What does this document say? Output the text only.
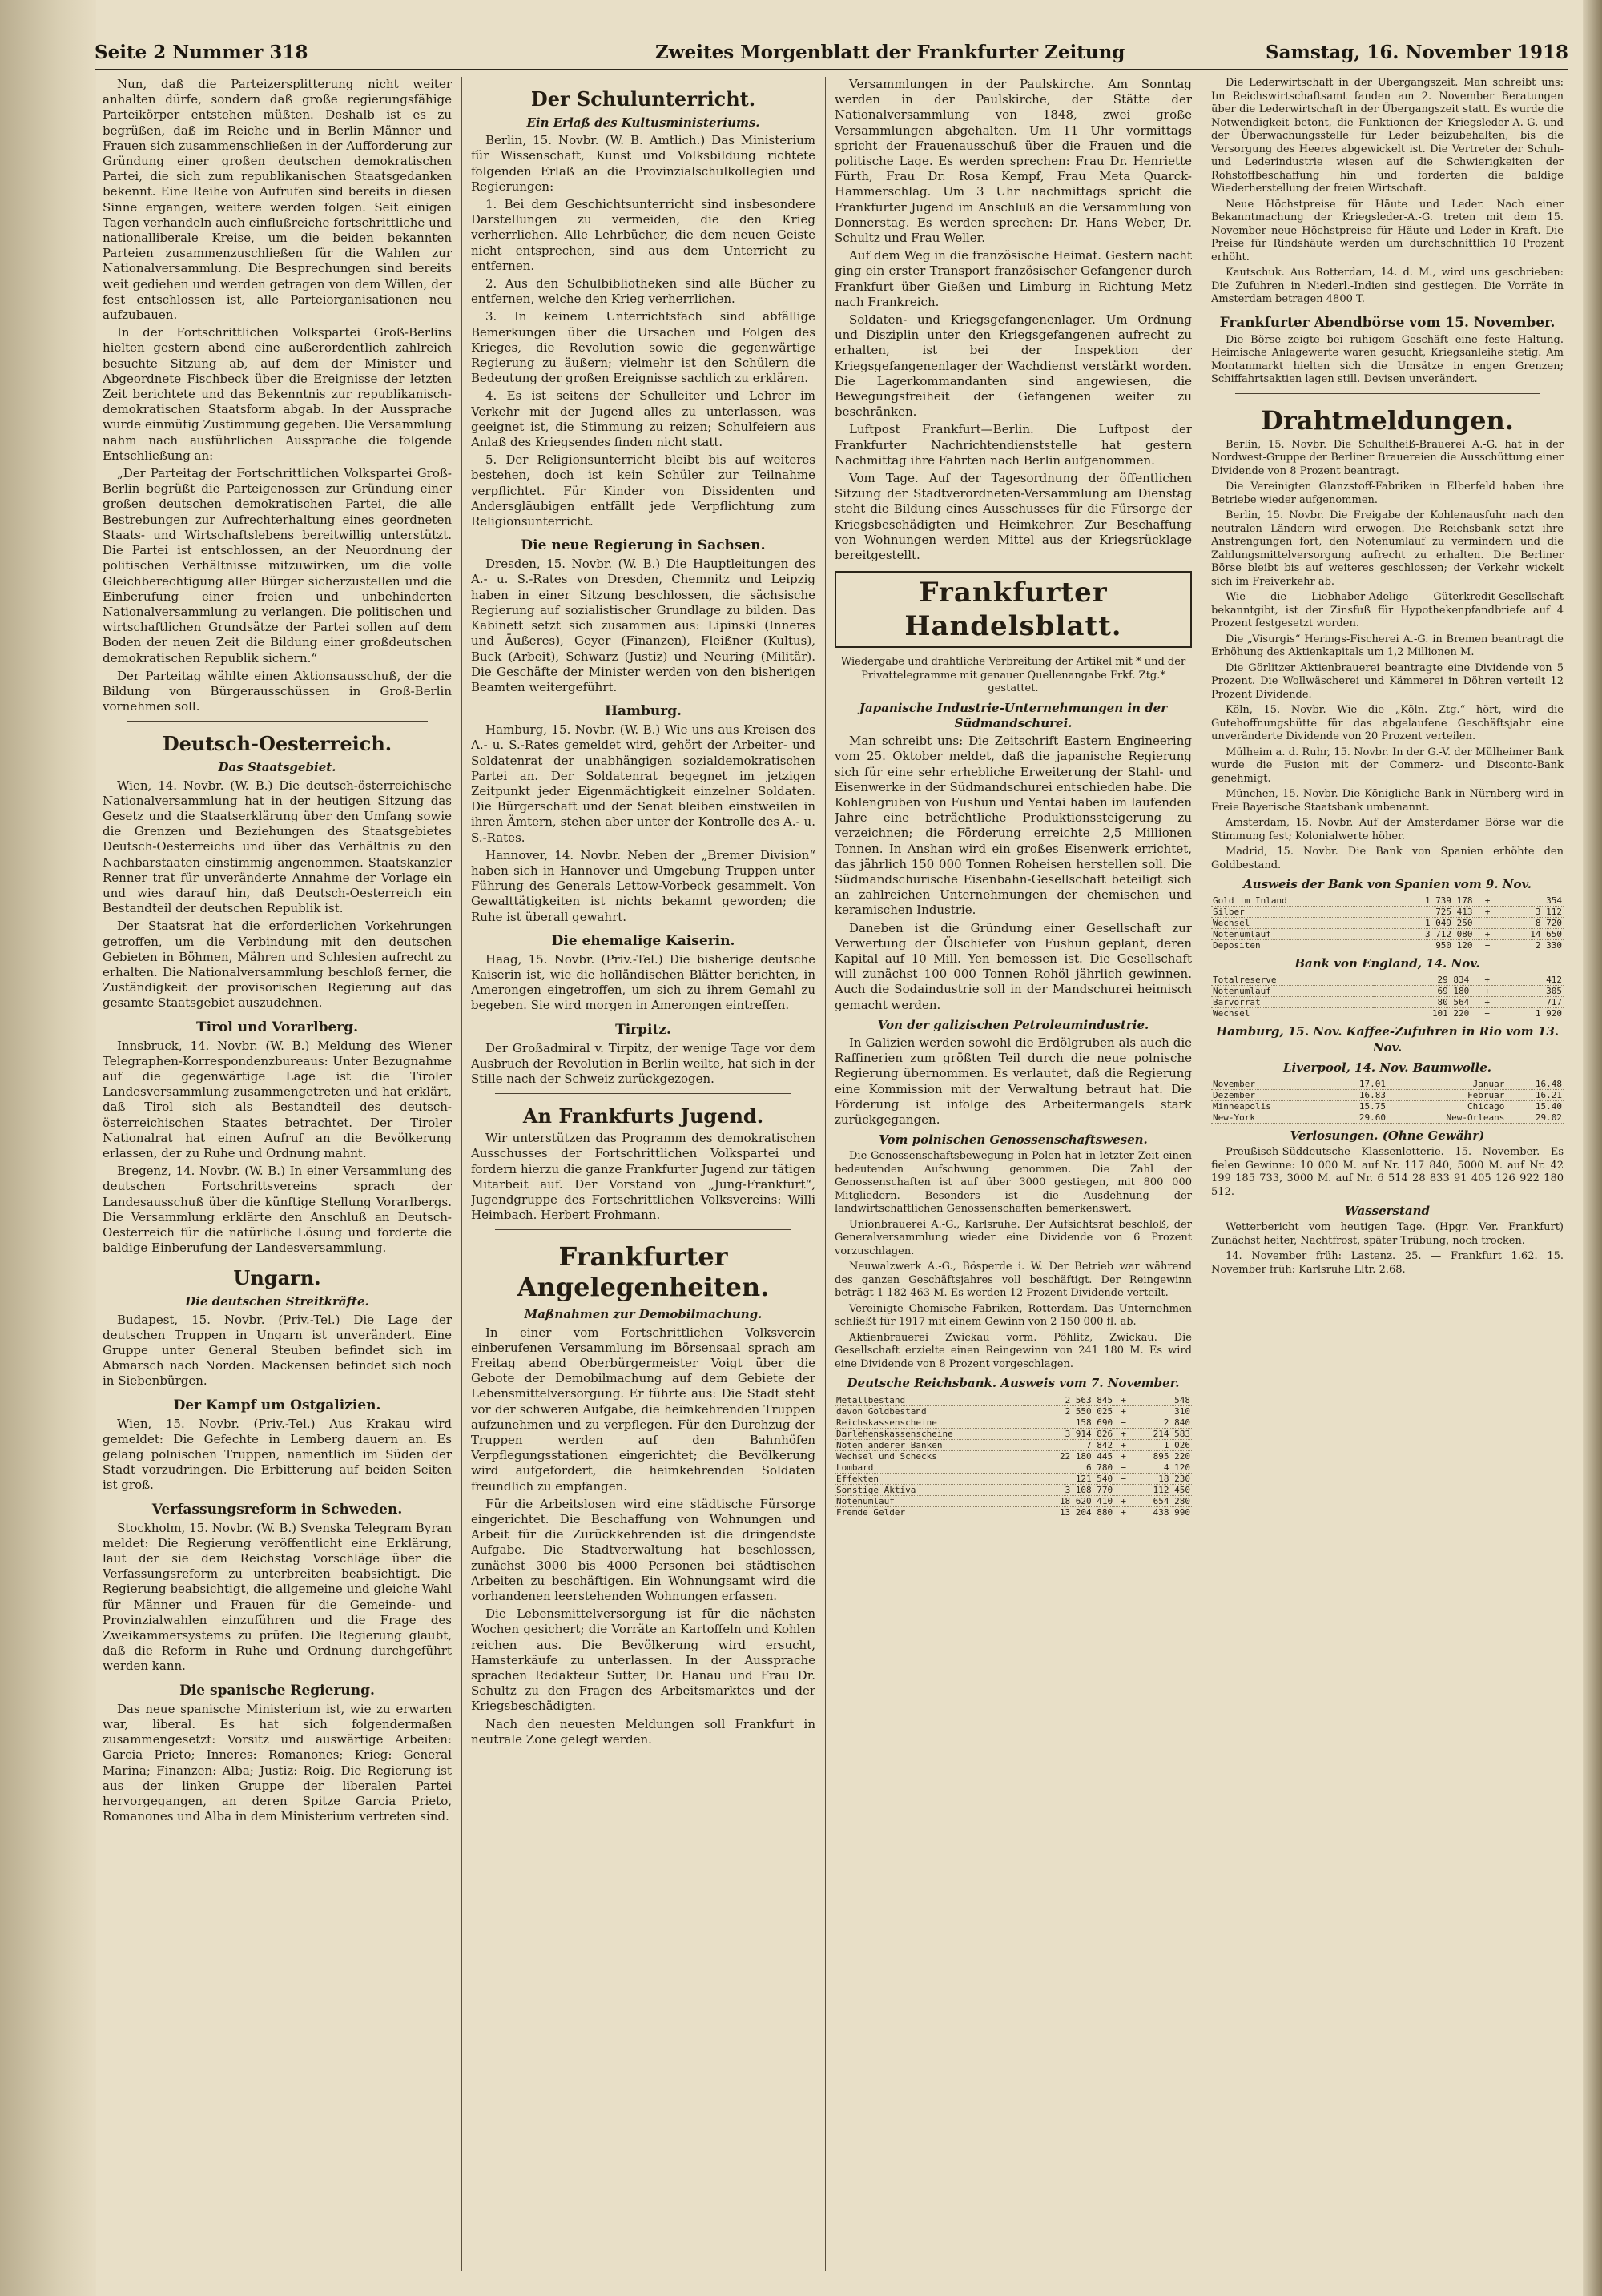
Seite 2 Nummer 318	Zweites Morgenblatt der Frankfurter Zeitung	Samstag, 16. November 1918

Nun, daß die Parteizersplitterung nicht weiter anhalten dürfe, sondern daß große regierungsfähige Parteikörper entstehen müßten. Deshalb ist es zu begrüßen, daß im Reiche und in Berlin Männer und Frauen sich zusammenschließen in der Aufforderung zur Gründung einer großen deutschen demokratischen Partei, die sich zum republikanischen Staatsgedanken bekennt. Eine Reihe von Aufrufen sind bereits in diesen Sinne ergangen, weitere werden folgen. Seit einigen Tagen verhandeln auch einflußreiche fortschrittliche und nationalliberale Kreise, um die beiden bekannten Parteien zusammenzuschließen für die Wahlen zur Nationalversammlung. Die Besprechungen sind bereits weit gediehen und werden getragen von dem Willen, der fest entschlossen ist, alle Parteiorganisationen neu aufzubauen.

In der Fortschrittlichen Volkspartei Groß-Berlins hielten gestern abend eine außerordentlich zahlreich besuchte Sitzung ab, auf dem der Minister und Abgeordnete Fischbeck über die Ereignisse der letzten Zeit berichtete und das Bekenntnis zur republikanisch-demokratischen Staatsform abgab. In der Aussprache wurde einmütig Zustimmung gegeben. Die Versammlung nahm nach ausführlichen Aussprache die folgende Entschließung an:

„Der Parteitag der Fortschrittlichen Volkspartei Groß-Berlin begrüßt die Parteigenossen zur Gründung einer großen deutschen demokratischen Partei, die alle Bestrebungen zur Aufrechterhaltung eines geordneten Staats- und Wirtschaftslebens bereitwillig unterstützt. Die Partei ist entschlossen, an der Neuordnung der politischen Verhältnisse mitzuwirken, um die volle Gleichberechtigung aller Bürger sicherzustellen und die Einberufung einer freien und unbehinderten Nationalversammlung zu verlangen. Die politischen und wirtschaftlichen Grundsätze der Partei sollen auf dem Boden der neuen Zeit die Bildung einer großdeutschen demokratischen Republik sichern.“

Der Parteitag wählte einen Aktionsausschuß, der die Bildung von Bürgerausschüssen in Groß-Berlin vornehmen soll.

Deutsch-Oesterreich.
Das Staatsgebiet.

Wien, 14. Novbr. (W. B.) Die deutsch-österreichische Nationalversammlung hat in der heutigen Sitzung das Gesetz und die Staatserklärung über den Umfang sowie die Grenzen und Beziehungen des Staatsgebietes Deutsch-Oesterreichs und über das Verhältnis zu den Nachbarstaaten einstimmig angenommen. Staatskanzler Renner trat für unveränderte Annahme der Vorlage ein und wies darauf hin, daß Deutsch-Oesterreich ein Bestandteil der deutschen Republik ist.

Der Staatsrat hat die erforderlichen Vorkehrungen getroffen, um die Verbindung mit den deutschen Gebieten in Böhmen, Mähren und Schlesien aufrecht zu erhalten. Die Nationalversammlung beschloß ferner, die Zuständigkeit der provisorischen Regierung auf das gesamte Staatsgebiet auszudehnen.

Tirol und Vorarlberg.

Innsbruck, 14. Novbr. (W. B.) Meldung des Wiener Telegraphen-Korrespondenzbureaus: Unter Bezugnahme auf die gegenwärtige Lage ist die Tiroler Landesversammlung zusammengetreten und hat erklärt, daß Tirol sich als Bestandteil des deutsch-österreichischen Staates betrachtet. Der Tiroler Nationalrat hat einen Aufruf an die Bevölkerung erlassen, der zu Ruhe und Ordnung mahnt.

Bregenz, 14. Novbr. (W. B.) In einer Versammlung des deutschen Fortschrittsvereins sprach der Landesausschuß über die künftige Stellung Vorarlbergs. Die Versammlung erklärte den Anschluß an Deutsch-Oesterreich für die natürliche Lösung und forderte die baldige Einberufung der Landesversammlung.

Ungarn.
Die deutschen Streitkräfte.

Budapest, 15. Novbr. (Priv.-Tel.) Die Lage der deutschen Truppen in Ungarn ist unverändert. Eine Gruppe unter General Steuben befindet sich im Abmarsch nach Norden. Mackensen befindet sich noch in Siebenbürgen.

Der Kampf um Ostgalizien.

Wien, 15. Novbr. (Priv.-Tel.) Aus Krakau wird gemeldet: Die Gefechte in Lemberg dauern an. Es gelang polnischen Truppen, namentlich im Süden der Stadt vorzudringen. Die Erbitterung auf beiden Seiten ist groß.

Verfassungsreform in Schweden.

Stockholm, 15. Novbr. (W. B.) Svenska Telegram Byran meldet: Die Regierung veröffentlicht eine Erklärung, laut der sie dem Reichstag Vorschläge über die Verfassungsreform zu unterbreiten beabsichtigt. Die Regierung beabsichtigt, die allgemeine und gleiche Wahl für Männer und Frauen für die Gemeinde- und Provinzialwahlen einzuführen und die Frage des Zweikammersystems zu prüfen. Die Regierung glaubt, daß die Reform in Ruhe und Ordnung durchgeführt werden kann.

Die spanische Regierung.

Das neue spanische Ministerium ist, wie zu erwarten war, liberal. Es hat sich folgendermaßen zusammengesetzt: Vorsitz und auswärtige Arbeiten: Garcia Prieto; Inneres: Romanones; Krieg: General Marina; Finanzen: Alba; Justiz: Roig. Die Regierung ist aus der linken Gruppe der liberalen Partei hervorgegangen, an deren Spitze Garcia Prieto, Romanones und Alba in dem Ministerium vertreten sind.

Der Schulunterricht.
Ein Erlaß des Kultusministeriums.

Berlin, 15. Novbr. (W. B. Amtlich.) Das Ministerium für Wissenschaft, Kunst und Volksbildung richtete folgenden Erlaß an die Provinzialschulkollegien und Regierungen:

1. Bei dem Geschichtsunterricht sind insbesondere Darstellungen zu vermeiden, die den Krieg verherrlichen. Alle Lehrbücher, die dem neuen Geiste nicht entsprechen, sind aus dem Unterricht zu entfernen.

2. Aus den Schulbibliotheken sind alle Bücher zu entfernen, welche den Krieg verherrlichen.

3. In keinem Unterrichtsfach sind abfällige Bemerkungen über die Ursachen und Folgen des Krieges, die Revolution sowie die gegenwärtige Regierung zu äußern; vielmehr ist den Schülern die Bedeutung der großen Ereignisse sachlich zu erklären.

4. Es ist seitens der Schulleiter und Lehrer im Verkehr mit der Jugend alles zu unterlassen, was geeignet ist, die Stimmung zu reizen; Schulfeiern aus Anlaß des Kriegsendes finden nicht statt.

5. Der Religionsunterricht bleibt bis auf weiteres bestehen, doch ist kein Schüler zur Teilnahme verpflichtet. Für Kinder von Dissidenten und Andersgläubigen entfällt jede Verpflichtung zum Religionsunterricht.

Die neue Regierung in Sachsen.

Dresden, 15. Novbr. (W. B.) Die Hauptleitungen des A.- u. S.-Rates von Dresden, Chemnitz und Leipzig haben in einer Sitzung beschlossen, die sächsische Regierung auf sozialistischer Grundlage zu bilden. Das Kabinett setzt sich zusammen aus: Lipinski (Inneres und Äußeres), Geyer (Finanzen), Fleißner (Kultus), Buck (Arbeit), Schwarz (Justiz) und Neuring (Militär). Die Geschäfte der Minister werden von den bisherigen Beamten weitergeführt.

Hamburg.

Hamburg, 15. Novbr. (W. B.) Wie uns aus Kreisen des A.- u. S.-Rates gemeldet wird, gehört der Arbeiter- und Soldatenrat der unabhängigen sozialdemokratischen Partei an. Der Soldatenrat begegnet im jetzigen Zeitpunkt jeder Eigenmächtigkeit einzelner Soldaten. Die Bürgerschaft und der Senat bleiben einstweilen in ihren Ämtern, stehen aber unter der Kontrolle des A.- u. S.-Rates.

Hannover, 14. Novbr. Neben der „Bremer Division“ haben sich in Hannover und Umgebung Truppen unter Führung des Generals Lettow-Vorbeck gesammelt. Von Gewalttätigkeiten ist nichts bekannt geworden; die Ruhe ist überall gewahrt.

Die ehemalige Kaiserin.

Haag, 15. Novbr. (Priv.-Tel.) Die bisherige deutsche Kaiserin ist, wie die holländischen Blätter berichten, in Amerongen eingetroffen, um sich zu ihrem Gemahl zu begeben. Sie wird morgen in Amerongen eintreffen.

Tirpitz.

Der Großadmiral v. Tirpitz, der wenige Tage vor dem Ausbruch der Revolution in Berlin weilte, hat sich in der Stille nach der Schweiz zurückgezogen.

An Frankfurts Jugend.

Wir unterstützen das Programm des demokratischen Ausschusses der Fortschrittlichen Volkspartei und fordern hierzu die ganze Frankfurter Jugend zur tätigen Mitarbeit auf. Der Vorstand von „Jung-Frankfurt“, Jugendgruppe des Fortschrittlichen Volksvereins: Willi Heimbach. Herbert Frohmann.

Frankfurter Angelegenheiten.
Maßnahmen zur Demobilmachung.

In einer vom Fortschrittlichen Volksverein einberufenen Versammlung im Börsensaal sprach am Freitag abend Oberbürgermeister Voigt über die Gebote der Demobilmachung auf dem Gebiete der Lebensmittelversorgung. Er führte aus: Die Stadt steht vor der schweren Aufgabe, die heimkehrenden Truppen aufzunehmen und zu verpflegen. Für den Durchzug der Truppen werden auf den Bahnhöfen Verpflegungsstationen eingerichtet; die Bevölkerung wird aufgefordert, die heimkehrenden Soldaten freundlich zu empfangen.

Für die Arbeitslosen wird eine städtische Fürsorge eingerichtet. Die Beschaffung von Wohnungen und Arbeit für die Zurückkehrenden ist die dringendste Aufgabe. Die Stadtverwaltung hat beschlossen, zunächst 3000 bis 4000 Personen bei städtischen Arbeiten zu beschäftigen. Ein Wohnungsamt wird die vorhandenen leerstehenden Wohnungen erfassen.

Die Lebensmittelversorgung ist für die nächsten Wochen gesichert; die Vorräte an Kartoffeln und Kohlen reichen aus. Die Bevölkerung wird ersucht, Hamsterkäufe zu unterlassen. In der Aussprache sprachen Redakteur Sutter, Dr. Hanau und Frau Dr. Schultz zu den Fragen des Arbeitsmarktes und der Kriegsbeschädigten.

Nach den neuesten Meldungen soll Frankfurt in neutrale Zone gelegt werden.

Versammlungen in der Paulskirche. Am Sonntag werden in der Paulskirche, der Stätte der Nationalversammlung von 1848, zwei große Versammlungen abgehalten. Um 11 Uhr vormittags spricht der Frauenausschuß über die Frauen und die politische Lage. Es werden sprechen: Frau Dr. Henriette Fürth, Frau Dr. Rosa Kempf, Frau Meta Quarck-Hammerschlag. Um 3 Uhr nachmittags spricht die Frankfurter Jugend im Anschluß an die Versammlung von Donnerstag. Es werden sprechen: Dr. Hans Weber, Dr. Schultz und Frau Weller.

Auf dem Weg in die französische Heimat. Gestern nacht ging ein erster Transport französischer Gefangener durch Frankfurt über Gießen und Limburg in Richtung Metz nach Frankreich.

Soldaten- und Kriegsgefangenenlager. Um Ordnung und Disziplin unter den Kriegsgefangenen aufrecht zu erhalten, ist bei der Inspektion der Kriegsgefangenenlager der Wachdienst verstärkt worden. Die Lagerkommandanten sind angewiesen, die Bewegungsfreiheit der Gefangenen weiter zu beschränken.

Luftpost Frankfurt—Berlin. Die Luftpost der Frankfurter Nachrichtendienststelle hat gestern Nachmittag ihre Fahrten nach Berlin aufgenommen.

Vom Tage. Auf der Tagesordnung der öffentlichen Sitzung der Stadtverordneten-Versammlung am Dienstag steht die Bildung eines Ausschusses für die Fürsorge der Kriegsbeschädigten und Heimkehrer. Zur Beschaffung von Wohnungen werden Mittel aus der Kriegsrücklage bereitgestellt.

Frankfurter Handelsblatt.
Wiedergabe und drahtliche Verbreitung der Artikel mit * und der Privattelegramme mit genauer Quellenangabe Frkf. Ztg.* gestattet.
Japanische Industrie-Unternehmungen in der Südmandschurei.

Man schreibt uns: Die Zeitschrift Eastern Engineering vom 25. Oktober meldet, daß die japanische Regierung sich für eine sehr erhebliche Erweiterung der Stahl- und Eisenwerke in der Südmandschurei entschieden habe. Die Kohlengruben von Fushun und Yentai haben im laufenden Jahre eine beträchtliche Produktionssteigerung zu verzeichnen; die Förderung erreichte 2,5 Millionen Tonnen. In Anshan wird ein großes Eisenwerk errichtet, das jährlich 150 000 Tonnen Roheisen herstellen soll. Die Südmandschurische Eisenbahn-Gesellschaft beteiligt sich an zahlreichen Unternehmungen der chemischen und keramischen Industrie.

Daneben ist die Gründung einer Gesellschaft zur Verwertung der Ölschiefer von Fushun geplant, deren Kapital auf 10 Mill. Yen bemessen ist. Die Gesellschaft will zunächst 100 000 Tonnen Rohöl jährlich gewinnen. Auch die Sodaindustrie soll in der Mandschurei heimisch gemacht werden.

Von der galizischen Petroleumindustrie.

In Galizien werden sowohl die Erdölgruben als auch die Raffinerien zum größten Teil durch die neue polnische Regierung übernommen. Es verlautet, daß die Regierung eine Kommission mit der Verwaltung betraut hat. Die Förderung ist infolge des Arbeitermangels stark zurückgegangen.

Vom polnischen Genossenschaftswesen.

Die Genossenschaftsbewegung in Polen hat in letzter Zeit einen bedeutenden Aufschwung genommen. Die Zahl der Genossenschaften ist auf über 3000 gestiegen, mit 800 000 Mitgliedern. Besonders ist die Ausdehnung der landwirtschaftlichen Genossenschaften bemerkenswert.

Unionbrauerei A.-G., Karlsruhe. Der Aufsichtsrat beschloß, der Generalversammlung wieder eine Dividende von 6 Prozent vorzuschlagen.

Neuwalzwerk A.-G., Bösperde i. W. Der Betrieb war während des ganzen Geschäftsjahres voll beschäftigt. Der Reingewinn beträgt 1 182 463 M. Es werden 12 Prozent Dividende verteilt.

Vereinigte Chemische Fabriken, Rotterdam. Das Unternehmen schließt für 1917 mit einem Gewinn von 2 150 000 fl. ab.

Aktienbrauerei Zwickau vorm. Pöhlitz, Zwickau. Die Gesellschaft erzielte einen Reingewinn von 241 180 M. Es wird eine Dividende von 8 Prozent vorgeschlagen.

Deutsche Reichsbank. Ausweis vom 7. November.
Metallbestand	2 563 845	+	548
davon Goldbestand	2 550 025	+	310
Reichskassenscheine	158 690	−	2 840
Darlehenskassenscheine	3 914 826	+	214 583
Noten anderer Banken	7 842	+	1 026
Wechsel und Schecks	22 180 445	+	895 220
Lombard	6 780	−	4 120
Effekten	121 540	−	18 230
Sonstige Aktiva	3 108 770	−	112 450
Notenumlauf	18 620 410	+	654 280
Fremde Gelder	13 204 880	+	438 990

Die Lederwirtschaft in der Übergangszeit. Man schreibt uns: Im Reichswirtschaftsamt fanden am 2. November Beratungen über die Lederwirtschaft in der Übergangszeit statt. Es wurde die Notwendigkeit betont, die Funktionen der Kriegsleder-A.-G. und der Überwachungsstelle für Leder beizubehalten, bis die Versorgung des Heeres abgewickelt ist. Die Vertreter der Schuh- und Lederindustrie wiesen auf die Schwierigkeiten der Rohstoffbeschaffung hin und forderten die baldige Wiederherstellung der freien Wirtschaft.

Neue Höchstpreise für Häute und Leder. Nach einer Bekanntmachung der Kriegsleder-A.-G. treten mit dem 15. November neue Höchstpreise für Häute und Leder in Kraft. Die Preise für Rindshäute werden um durchschnittlich 10 Prozent erhöht.

Kautschuk. Aus Rotterdam, 14. d. M., wird uns geschrieben: Die Zufuhren in Niederl.-Indien sind gestiegen. Die Vorräte in Amsterdam betragen 4800 T.

Frankfurter Abendbörse vom 15. November.

Die Börse zeigte bei ruhigem Geschäft eine feste Haltung. Heimische Anlagewerte waren gesucht, Kriegsanleihe stetig. Am Montanmarkt hielten sich die Umsätze in engen Grenzen; Schiffahrtsaktien lagen still. Devisen unverändert.

Drahtmeldungen.

Berlin, 15. Novbr. Die Schultheiß-Brauerei A.-G. hat in der Nordwest-Gruppe der Berliner Brauereien die Ausschüttung einer Dividende von 8 Prozent beantragt.

Die Vereinigten Glanzstoff-Fabriken in Elberfeld haben ihre Betriebe wieder aufgenommen.

Berlin, 15. Novbr. Die Freigabe der Kohlenausfuhr nach den neutralen Ländern wird erwogen. Die Reichsbank setzt ihre Anstrengungen fort, den Notenumlauf zu vermindern und die Zahlungsmittelversorgung aufrecht zu erhalten. Die Berliner Börse bleibt bis auf weiteres geschlossen; der Verkehr wickelt sich im Freiverkehr ab.

Wie die Liebhaber-Adelige Güterkredit-Gesellschaft bekanntgibt, ist der Zinsfuß für Hypothekenpfandbriefe auf 4 Prozent festgesetzt worden.

Die „Visurgis“ Herings-Fischerei A.-G. in Bremen beantragt die Erhöhung des Aktienkapitals um 1,2 Millionen M.

Die Görlitzer Aktienbrauerei beantragte eine Dividende von 5 Prozent. Die Wollwäscherei und Kämmerei in Döhren verteilt 12 Prozent Dividende.

Köln, 15. Novbr. Wie die „Köln. Ztg.“ hört, wird die Gutehoffnungshütte für das abgelaufene Geschäftsjahr eine unveränderte Dividende von 20 Prozent verteilen.

Mülheim a. d. Ruhr, 15. Novbr. In der G.-V. der Mülheimer Bank wurde die Fusion mit der Commerz- und Disconto-Bank genehmigt.

München, 15. Novbr. Die Königliche Bank in Nürnberg wird in Freie Bayerische Staatsbank umbenannt.

Amsterdam, 15. Novbr. Auf der Amsterdamer Börse war die Stimmung fest; Kolonialwerte höher.

Madrid, 15. Novbr. Die Bank von Spanien erhöhte den Goldbestand.

Ausweis der Bank von Spanien vom 9. Nov.
Gold im Inland	1 739 178	+	354
Silber	725 413	+	3 112
Wechsel	1 049 250	−	8 720
Notenumlauf	3 712 080	+	14 650
Depositen	950 120	−	2 330
Bank von England, 14. Nov.
Totalreserve	29 834	+	412
Notenumlauf	69 180	+	305
Barvorrat	80 564	+	717
Wechsel	101 220	−	1 920
Hamburg, 15. Nov. Kaffee-Zufuhren in Rio vom 13. Nov.
Liverpool, 14. Nov. Baumwolle.
November	17.01	Januar	16.48
Dezember	16.83	Februar	16.21
Minneapolis	15.75	Chicago	15.40
New-York	29.60	New-Orleans	29.02
Verlosungen. (Ohne Gewähr)

Preußisch-Süddeutsche Klassenlotterie. 15. November. Es fielen Gewinne: 10 000 M. auf Nr. 117 840, 5000 M. auf Nr. 42 199 185 733, 3000 M. auf Nr. 6 514 28 833 91 405 126 922 180 512.

Wasserstand

Wetterbericht vom heutigen Tage. (Hpgr. Ver. Frankfurt) Zunächst heiter, Nachtfrost, später Trübung, noch trocken.

14. November früh: Lastenz. 25. — Frankfurt 1.62. 15. November früh: Karlsruhe Lltr. 2.68.
